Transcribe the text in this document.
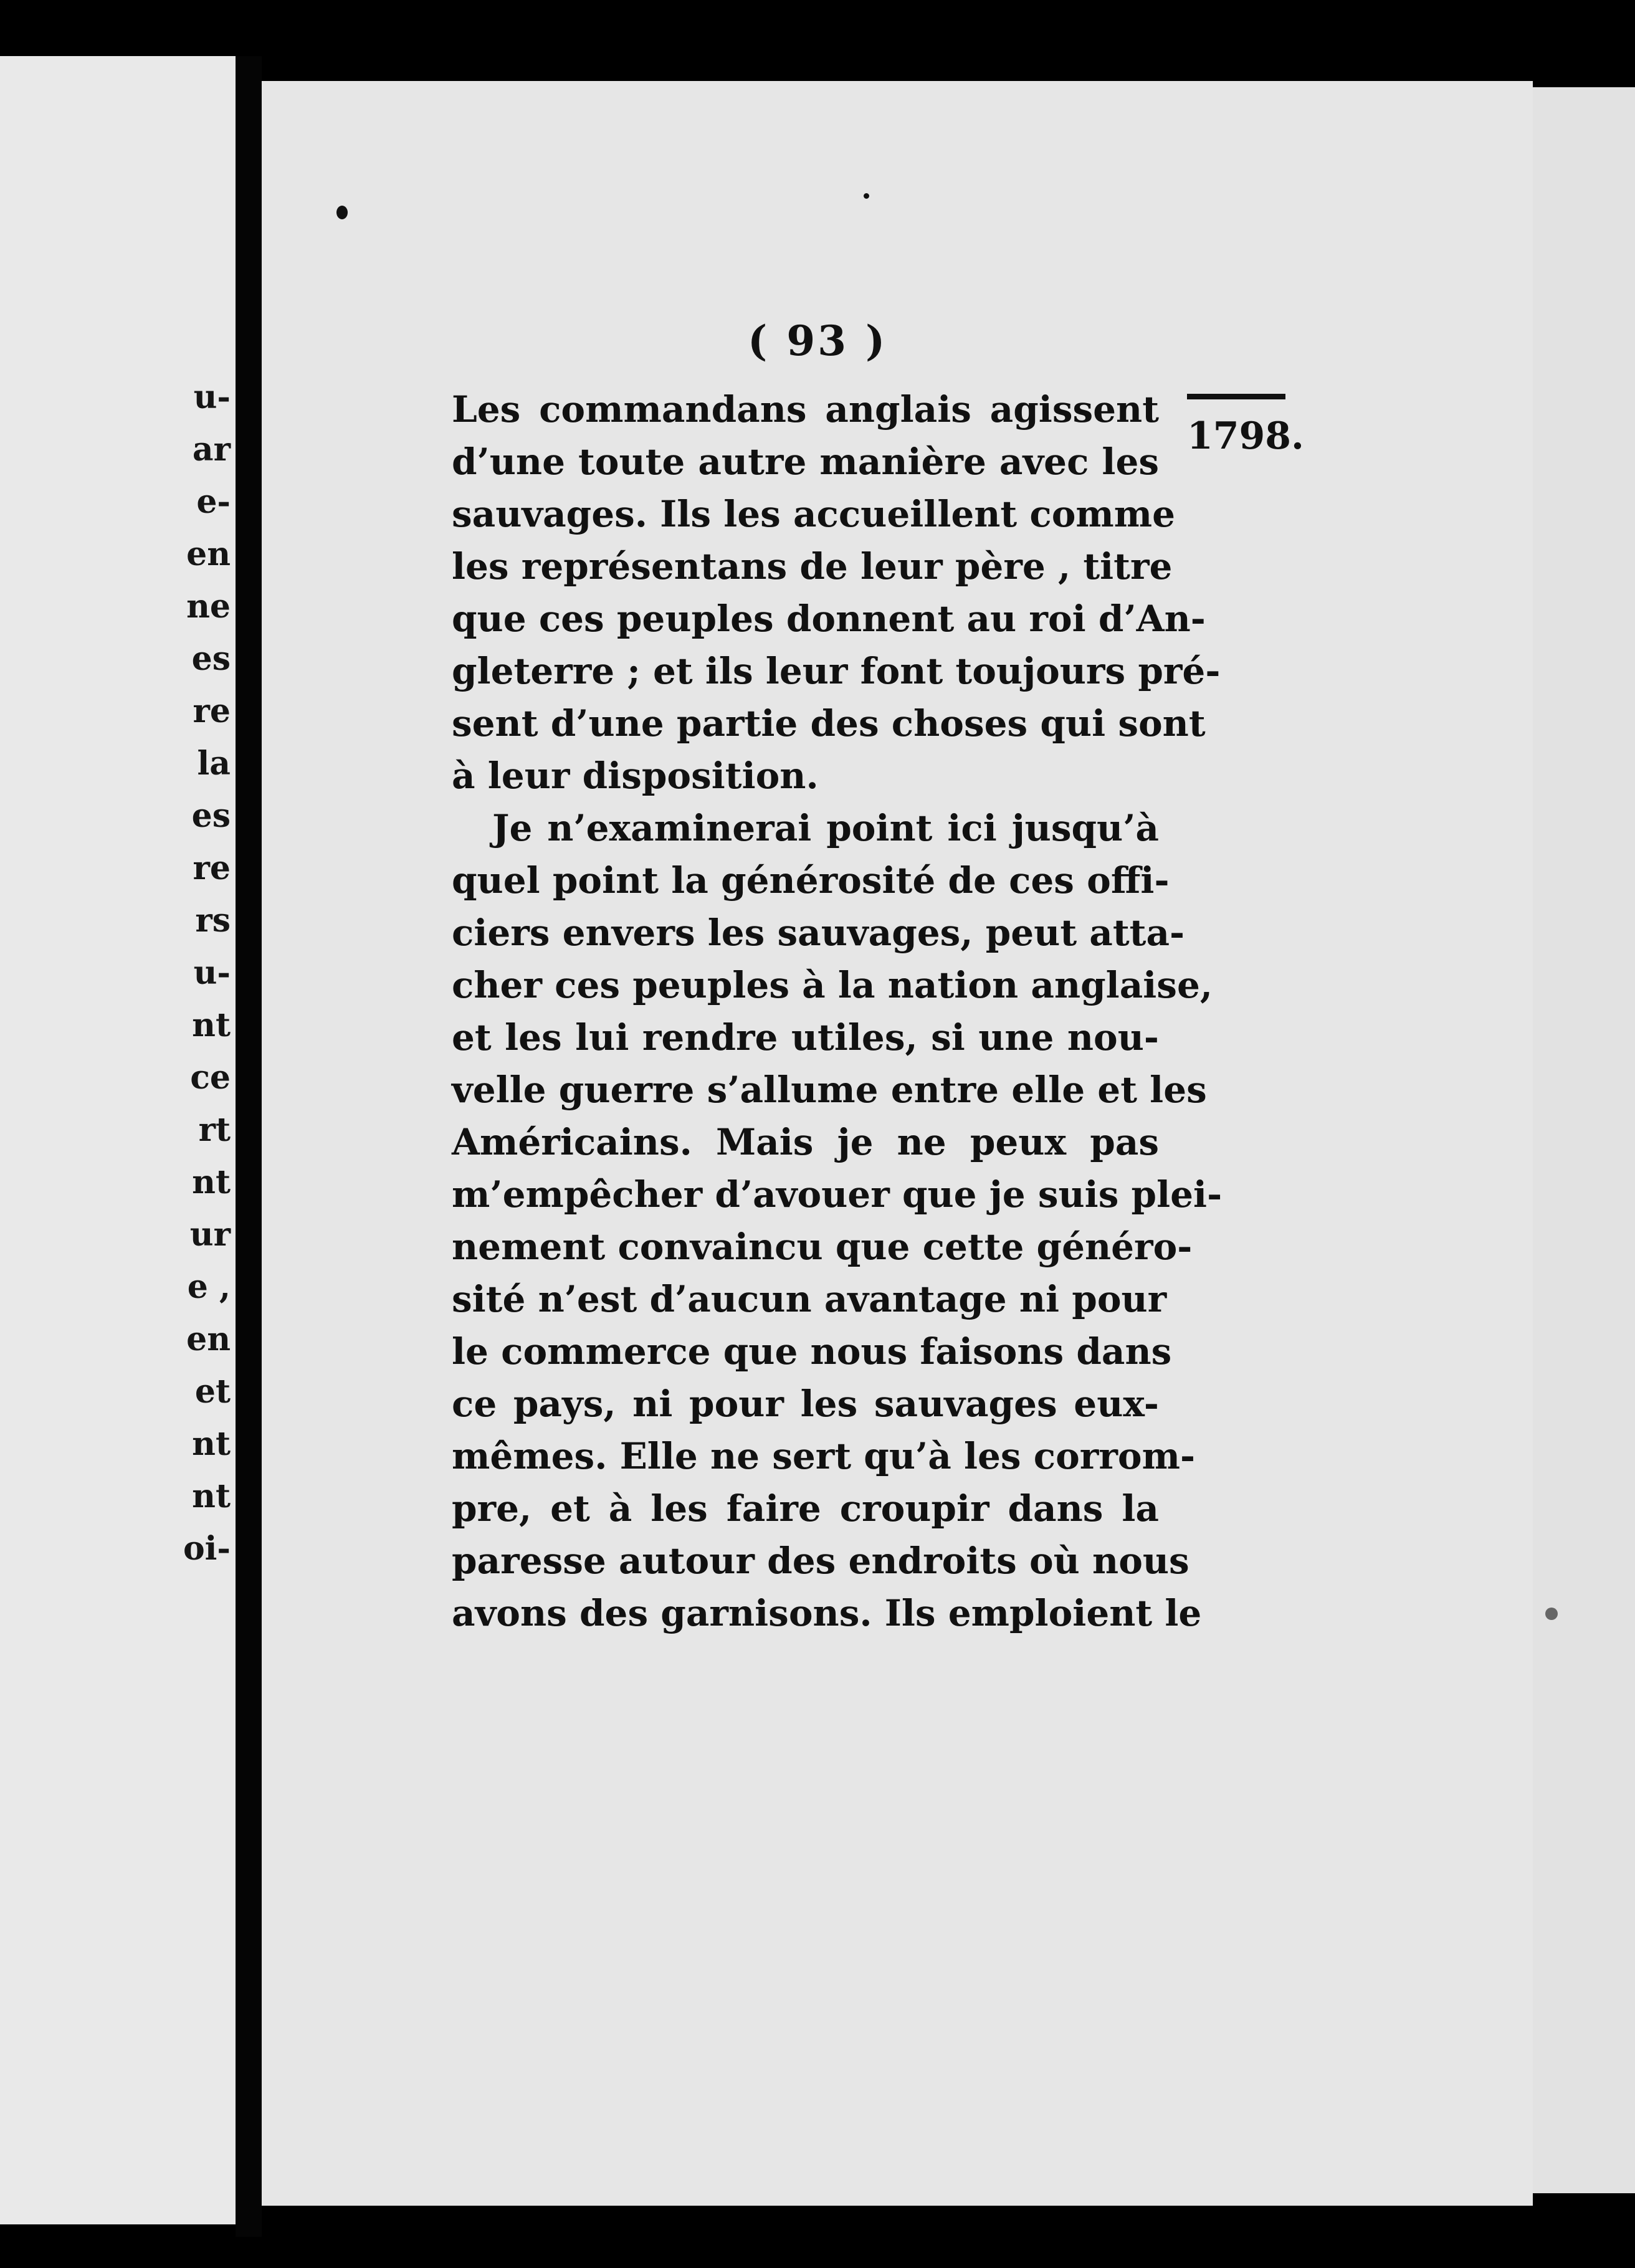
u-
ar
e-
en
ne
es
re
la
es
re
rs
u-
nt
ce
rt
nt
ur
e ,
en
et
nt
nt
oi-
( 93 )
1798.
Les commandans anglais agissent
d’une toute autre manière avec les
sauvages. Ils les accueillent comme
les représentans de leur père , titre
que ces peuples donnent au roi d’An-
gleterre ; et ils leur font toujours pré-
sent d’une partie des choses qui sont
à leur disposition.
Je n’examinerai point ici jusqu’à
quel point la générosité de ces offi-
ciers envers les sauvages, peut atta-
cher ces peuples à la nation anglaise,
et les lui rendre utiles, si une nou-
velle guerre s’allume entre elle et les
Américains. Mais je ne peux pas
m’empêcher d’avouer que je suis plei-
nement convaincu que cette généro-
sité n’est d’aucun avantage ni pour
le commerce que nous faisons dans
ce pays, ni pour les sauvages eux-
mêmes. Elle ne sert qu’à les corrom-
pre, et à les faire croupir dans la
paresse autour des endroits où nous
avons des garnisons. Ils emploient le
